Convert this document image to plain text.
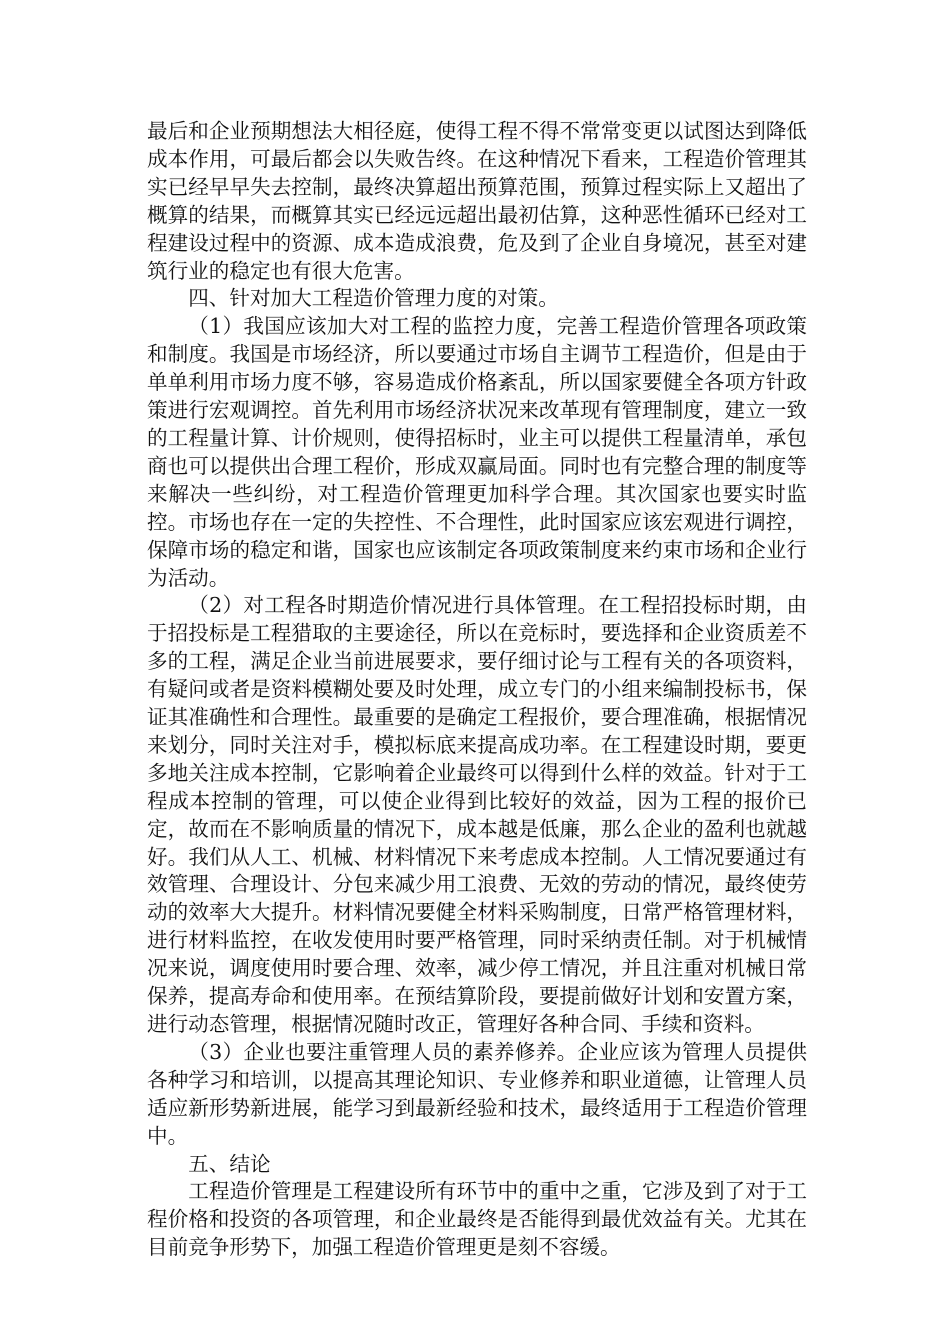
最后和企业预期想法大相径庭，使得工程不得不常常变更以试图达到降低成本作用，可最后都会以失败告终。在这种情况下看来，工程造价管理其实已经早早失去控制，最终决算超出预算范围，预算过程实际上又超出了概算的结果，而概算其实已经远远超出最初估算，这种恶性循环已经对工程建设过程中的资源、成本造成浪费，危及到了企业自身境况，甚至对建筑行业的稳定也有很大危害。

四、针对加大工程造价管理力度的对策。

（1）我国应该加大对工程的监控力度，完善工程造价管理各项政策和制度。我国是市场经济，所以要通过市场自主调节工程造价，但是由于单单利用市场力度不够，容易造成价格紊乱，所以国家要健全各项方针政策进行宏观调控。首先利用市场经济状况来改革现有管理制度，建立一致的工程量计算、计价规则，使得招标时，业主可以提供工程量清单，承包商也可以提供出合理工程价，形成双赢局面。同时也有完整合理的制度等来解决一些纠纷，对工程造价管理更加科学合理。其次国家也要实时监控。市场也存在一定的失控性、不合理性，此时国家应该宏观进行调控，保障市场的稳定和谐，国家也应该制定各项政策制度来约束市场和企业行为活动。

（2）对工程各时期造价情况进行具体管理。在工程招投标时期，由于招投标是工程猎取的主要途径，所以在竞标时，要选择和企业资质差不多的工程，满足企业当前进展要求，要仔细讨论与工程有关的各项资料，有疑问或者是资料模糊处要及时处理，成立专门的小组来编制投标书，保证其准确性和合理性。最重要的是确定工程报价，要合理准确，根据情况来划分，同时关注对手，模拟标底来提高成功率。在工程建设时期，要更多地关注成本控制，它影响着企业最终可以得到什么样的效益。针对于工程成本控制的管理，可以使企业得到比较好的效益，因为工程的报价已定，故而在不影响质量的情况下，成本越是低廉，那么企业的盈利也就越好。我们从人工、机械、材料情况下来考虑成本控制。人工情况要通过有效管理、合理设计、分包来减少用工浪费、无效的劳动的情况，最终使劳动的效率大大提升。材料情况要健全材料采购制度，日常严格管理材料，进行材料监控，在收发使用时要严格管理，同时采纳责任制。对于机械情况来说，调度使用时要合理、效率，减少停工情况，并且注重对机械日常保养，提高寿命和使用率。在预结算阶段，要提前做好计划和安置方案，进行动态管理，根据情况随时改正，管理好各种合同、手续和资料。

（3）企业也要注重管理人员的素养修养。企业应该为管理人员提供各种学习和培训，以提高其理论知识、专业修养和职业道德，让管理人员适应新形势新进展，能学习到最新经验和技术，最终适用于工程造价管理中。

五、结论

工程造价管理是工程建设所有环节中的重中之重，它涉及到了对于工程价格和投资的各项管理，和企业最终是否能得到最优效益有关。尤其在目前竞争形势下，加强工程造价管理更是刻不容缓。
